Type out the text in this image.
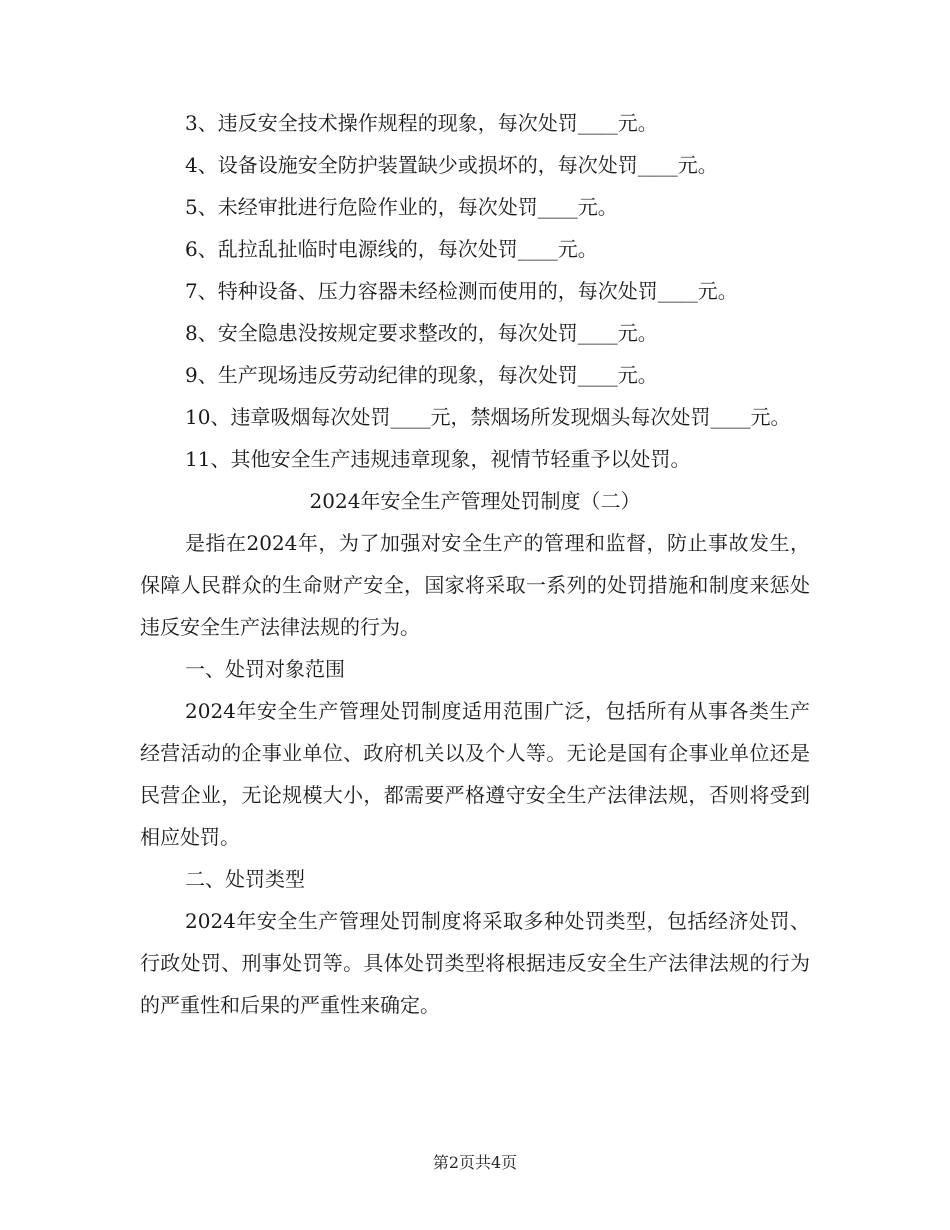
3、违反安全技术操作规程的现象，每次处罚____元。

4、设备设施安全防护装置缺少或损坏的，每次处罚____元。

5、未经审批进行危险作业的，每次处罚____元。

6、乱拉乱扯临时电源线的，每次处罚____元。

7、特种设备、压力容器未经检测而使用的，每次处罚____元。

8、安全隐患没按规定要求整改的，每次处罚____元。

9、生产现场违反劳动纪律的现象，每次处罚____元。

10、违章吸烟每次处罚____元，禁烟场所发现烟头每次处罚____元。

11、其他安全生产违规违章现象，视情节轻重予以处罚。

2024年安全生产管理处罚制度（二）

是指在2024年，为了加强对安全生产的管理和监督，防止事故发生，保障人民群众的生命财产安全，国家将采取一系列的处罚措施和制度来惩处违反安全生产法律法规的行为。

一、处罚对象范围

2024年安全生产管理处罚制度适用范围广泛，包括所有从事各类生产经营活动的企事业单位、政府机关以及个人等。无论是国有企事业单位还是民营企业，无论规模大小，都需要严格遵守安全生产法律法规，否则将受到相应处罚。

二、处罚类型

2024年安全生产管理处罚制度将采取多种处罚类型，包括经济处罚、行政处罚、刑事处罚等。具体处罚类型将根据违反安全生产法律法规的行为的严重性和后果的严重性来确定。

第2页共4页
